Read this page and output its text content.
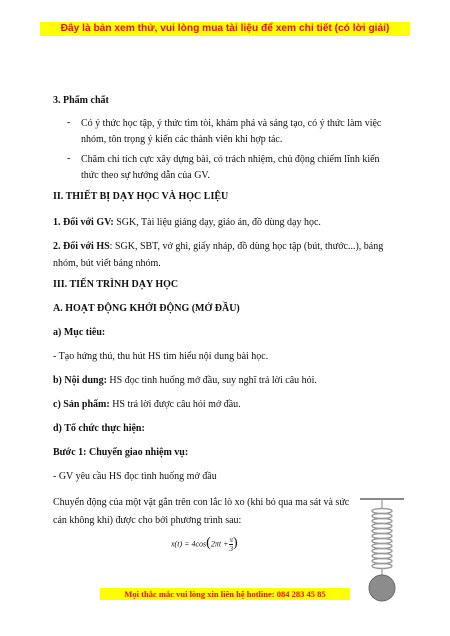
Đây là bản xem thử, vui lòng mua tài liệu để xem chi tiết (có lời giải)

3. Phẩm chất

-	Có ý thức học tập, ý thức tìm tòi, khám phá và sáng tạo, có ý thức làm việc nhóm, tôn trọng ý kiến các thành viên khi hợp tác.

-	Chăm chỉ tích cực xây dựng bài, có trách nhiệm, chủ động chiếm lĩnh kiến thức theo sự hướng dẫn của GV.

II. THIẾT BỊ DẠY HỌC VÀ HỌC LIỆU

1. Đối với GV: SGK, Tài liệu giảng dạy, giáo án, đồ dùng dạy học.

2. Đối với HS: SGK, SBT, vở ghi, giấy nháp, đồ dùng học tập (bút, thước...), bảng nhóm, bút viết bảng nhóm.

III. TIẾN TRÌNH DẠY HỌC

A. HOẠT ĐỘNG KHỞI ĐỘNG (MỞ ĐẦU)

a) Mục tiêu:

- Tạo hứng thú, thu hút HS tìm hiểu nội dung bài học.

b) Nội dung: HS đọc tình huống mở đầu, suy nghĩ trả lời câu hỏi.

c) Sản phẩm: HS trả lời được câu hỏi mở đầu.

d) Tổ chức thực hiện:

Bước 1: Chuyển giao nhiệm vụ:

- GV yêu cầu HS đọc tình huống mở đầu

Chuyển động của một vật gắn trên con lắc lò xo (khi bỏ qua ma sát và sức cản không khí) được cho bởi phương trình sau:

$x(t) = 4\cos(2\pi t + \frac{\pi}{3}$ )
Mọi thắc mắc vui lòng xin liên hệ hotline: 084 283 45 85
